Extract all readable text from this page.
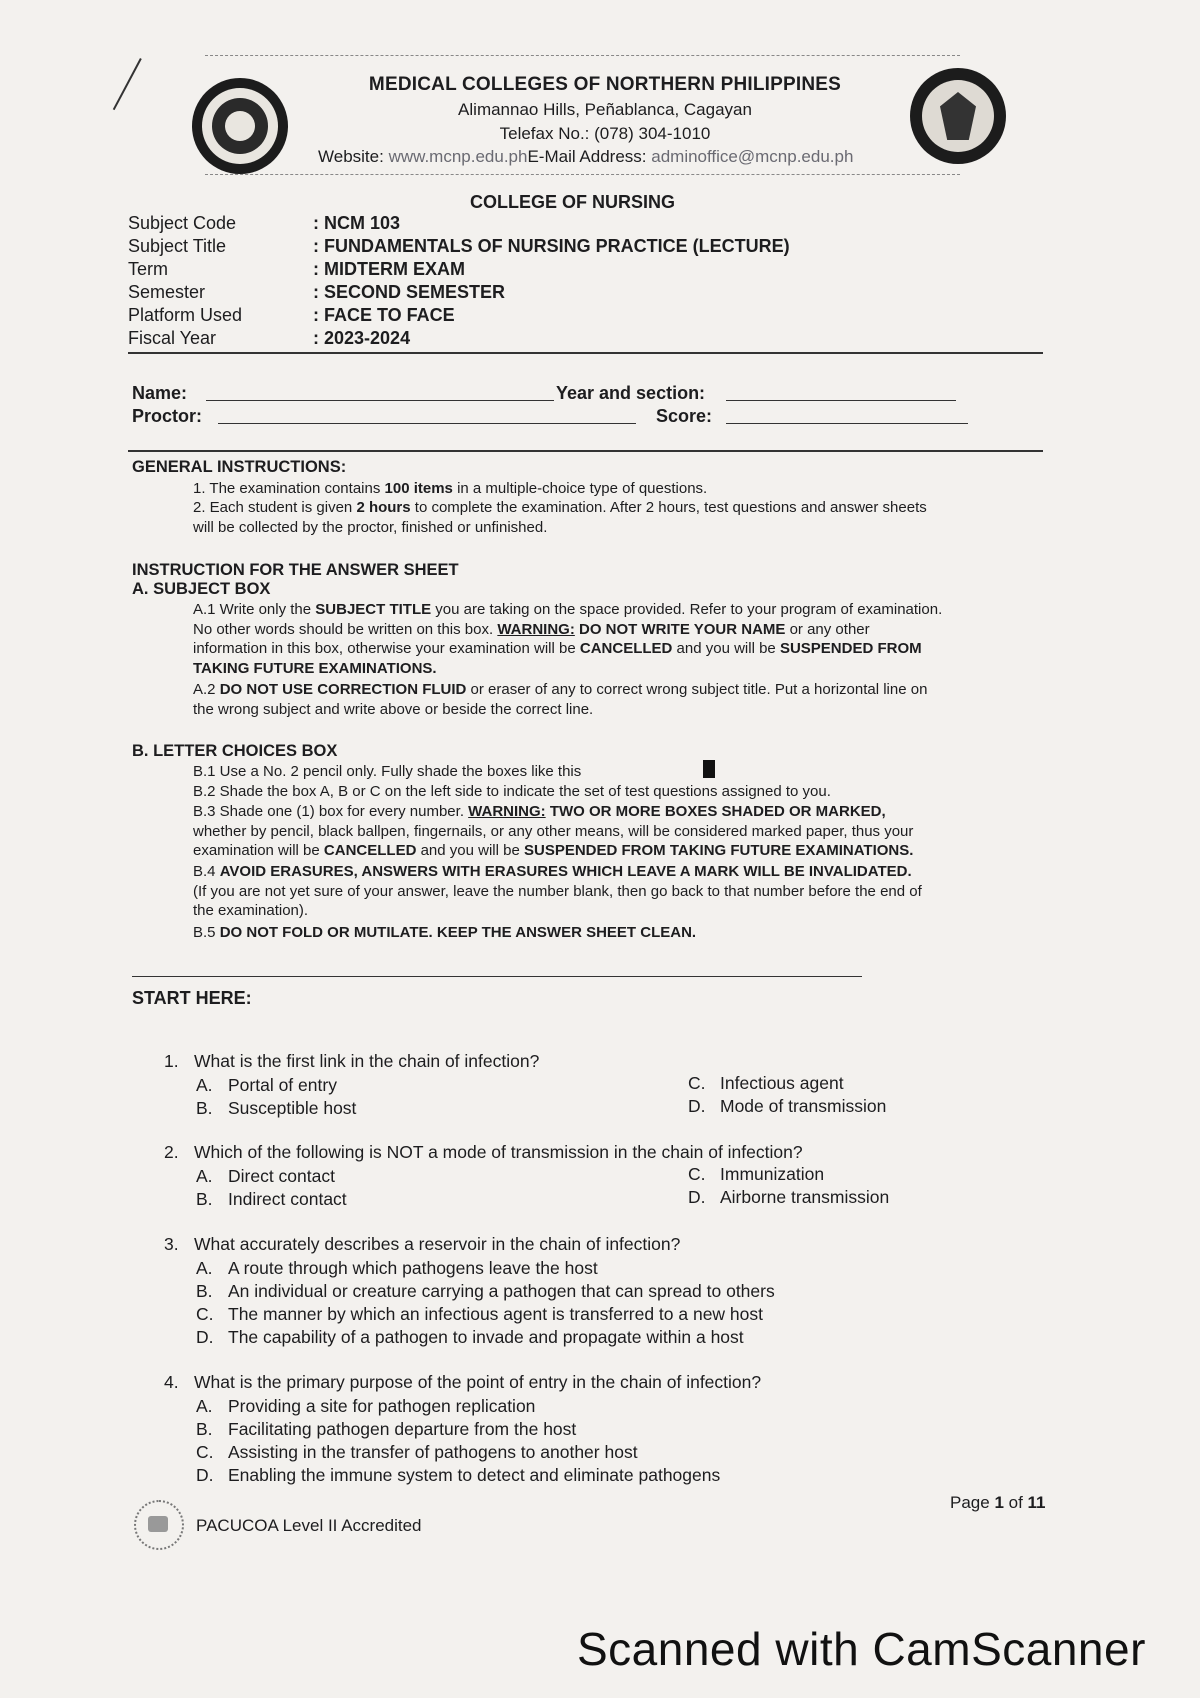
MEDICAL COLLEGES OF NORTHERN PHILIPPINES
Alimannao Hills, Peñablanca, Cagayan
Telefax No.: (078) 304-1010
Website: www.mcnp.edu.phE-Mail Address: adminoffice@mcnp.edu.ph
COLLEGE OF NURSING
Subject Code	: NCM 103
Subject Title	: FUNDAMENTALS OF NURSING PRACTICE (LECTURE)
Term	: MIDTERM EXAM
Semester	: SECOND SEMESTER
Platform Used	: FACE TO FACE
Fiscal Year	: 2023-2024
Name:	Year and section:
Proctor:	Score:
GENERAL INSTRUCTIONS:
1. The examination contains 100 items in a multiple-choice type of questions.
2. Each student is given 2 hours to complete the examination. After 2 hours, test questions and answer sheets
will be collected by the proctor, finished or unfinished.
INSTRUCTION FOR THE ANSWER SHEET
A. SUBJECT BOX
A.1 Write only the SUBJECT TITLE you are taking on the space provided. Refer to your program of examination.
No other words should be written on this box. WARNING: DO NOT WRITE YOUR NAME or any other
information in this box, otherwise your examination will be CANCELLED and you will be SUSPENDED FROM
TAKING FUTURE EXAMINATIONS.
A.2 DO NOT USE CORRECTION FLUID or eraser of any to correct wrong subject title. Put a horizontal line on
the wrong subject and write above or beside the correct line.
B. LETTER CHOICES BOX
B.1 Use a No. 2 pencil only. Fully shade the boxes like this
B.2 Shade the box A, B or C on the left side to indicate the set of test questions assigned to you.
B.3 Shade one (1) box for every number. WARNING: TWO OR MORE BOXES SHADED OR MARKED,
whether by pencil, black ballpen, fingernails, or any other means, will be considered marked paper, thus your
examination will be CANCELLED and you will be SUSPENDED FROM TAKING FUTURE EXAMINATIONS.
B.4 AVOID ERASURES, ANSWERS WITH ERASURES WHICH LEAVE A MARK WILL BE INVALIDATED.
(If you are not yet sure of your answer, leave the number blank, then go back to that number before the end of
the examination).
B.5 DO NOT FOLD OR MUTILATE. KEEP THE ANSWER SHEET CLEAN.
START HERE:
1. What is the first link in the chain of infection?
A. Portal of entry
B. Susceptible host
C. Infectious agent
D. Mode of transmission
2. Which of the following is NOT a mode of transmission in the chain of infection?
A. Direct contact
B. Indirect contact
C. Immunization
D. Airborne transmission
3. What accurately describes a reservoir in the chain of infection?
A. A route through which pathogens leave the host
B. An individual or creature carrying a pathogen that can spread to others
C. The manner by which an infectious agent is transferred to a new host
D. The capability of a pathogen to invade and propagate within a host
4. What is the primary purpose of the point of entry in the chain of infection?
A. Providing a site for pathogen replication
B. Facilitating pathogen departure from the host
C. Assisting in the transfer of pathogens to another host
D. Enabling the immune system to detect and eliminate pathogens
Page 1 of 11
PACUCOA Level II Accredited
Scanned with CamScanner
